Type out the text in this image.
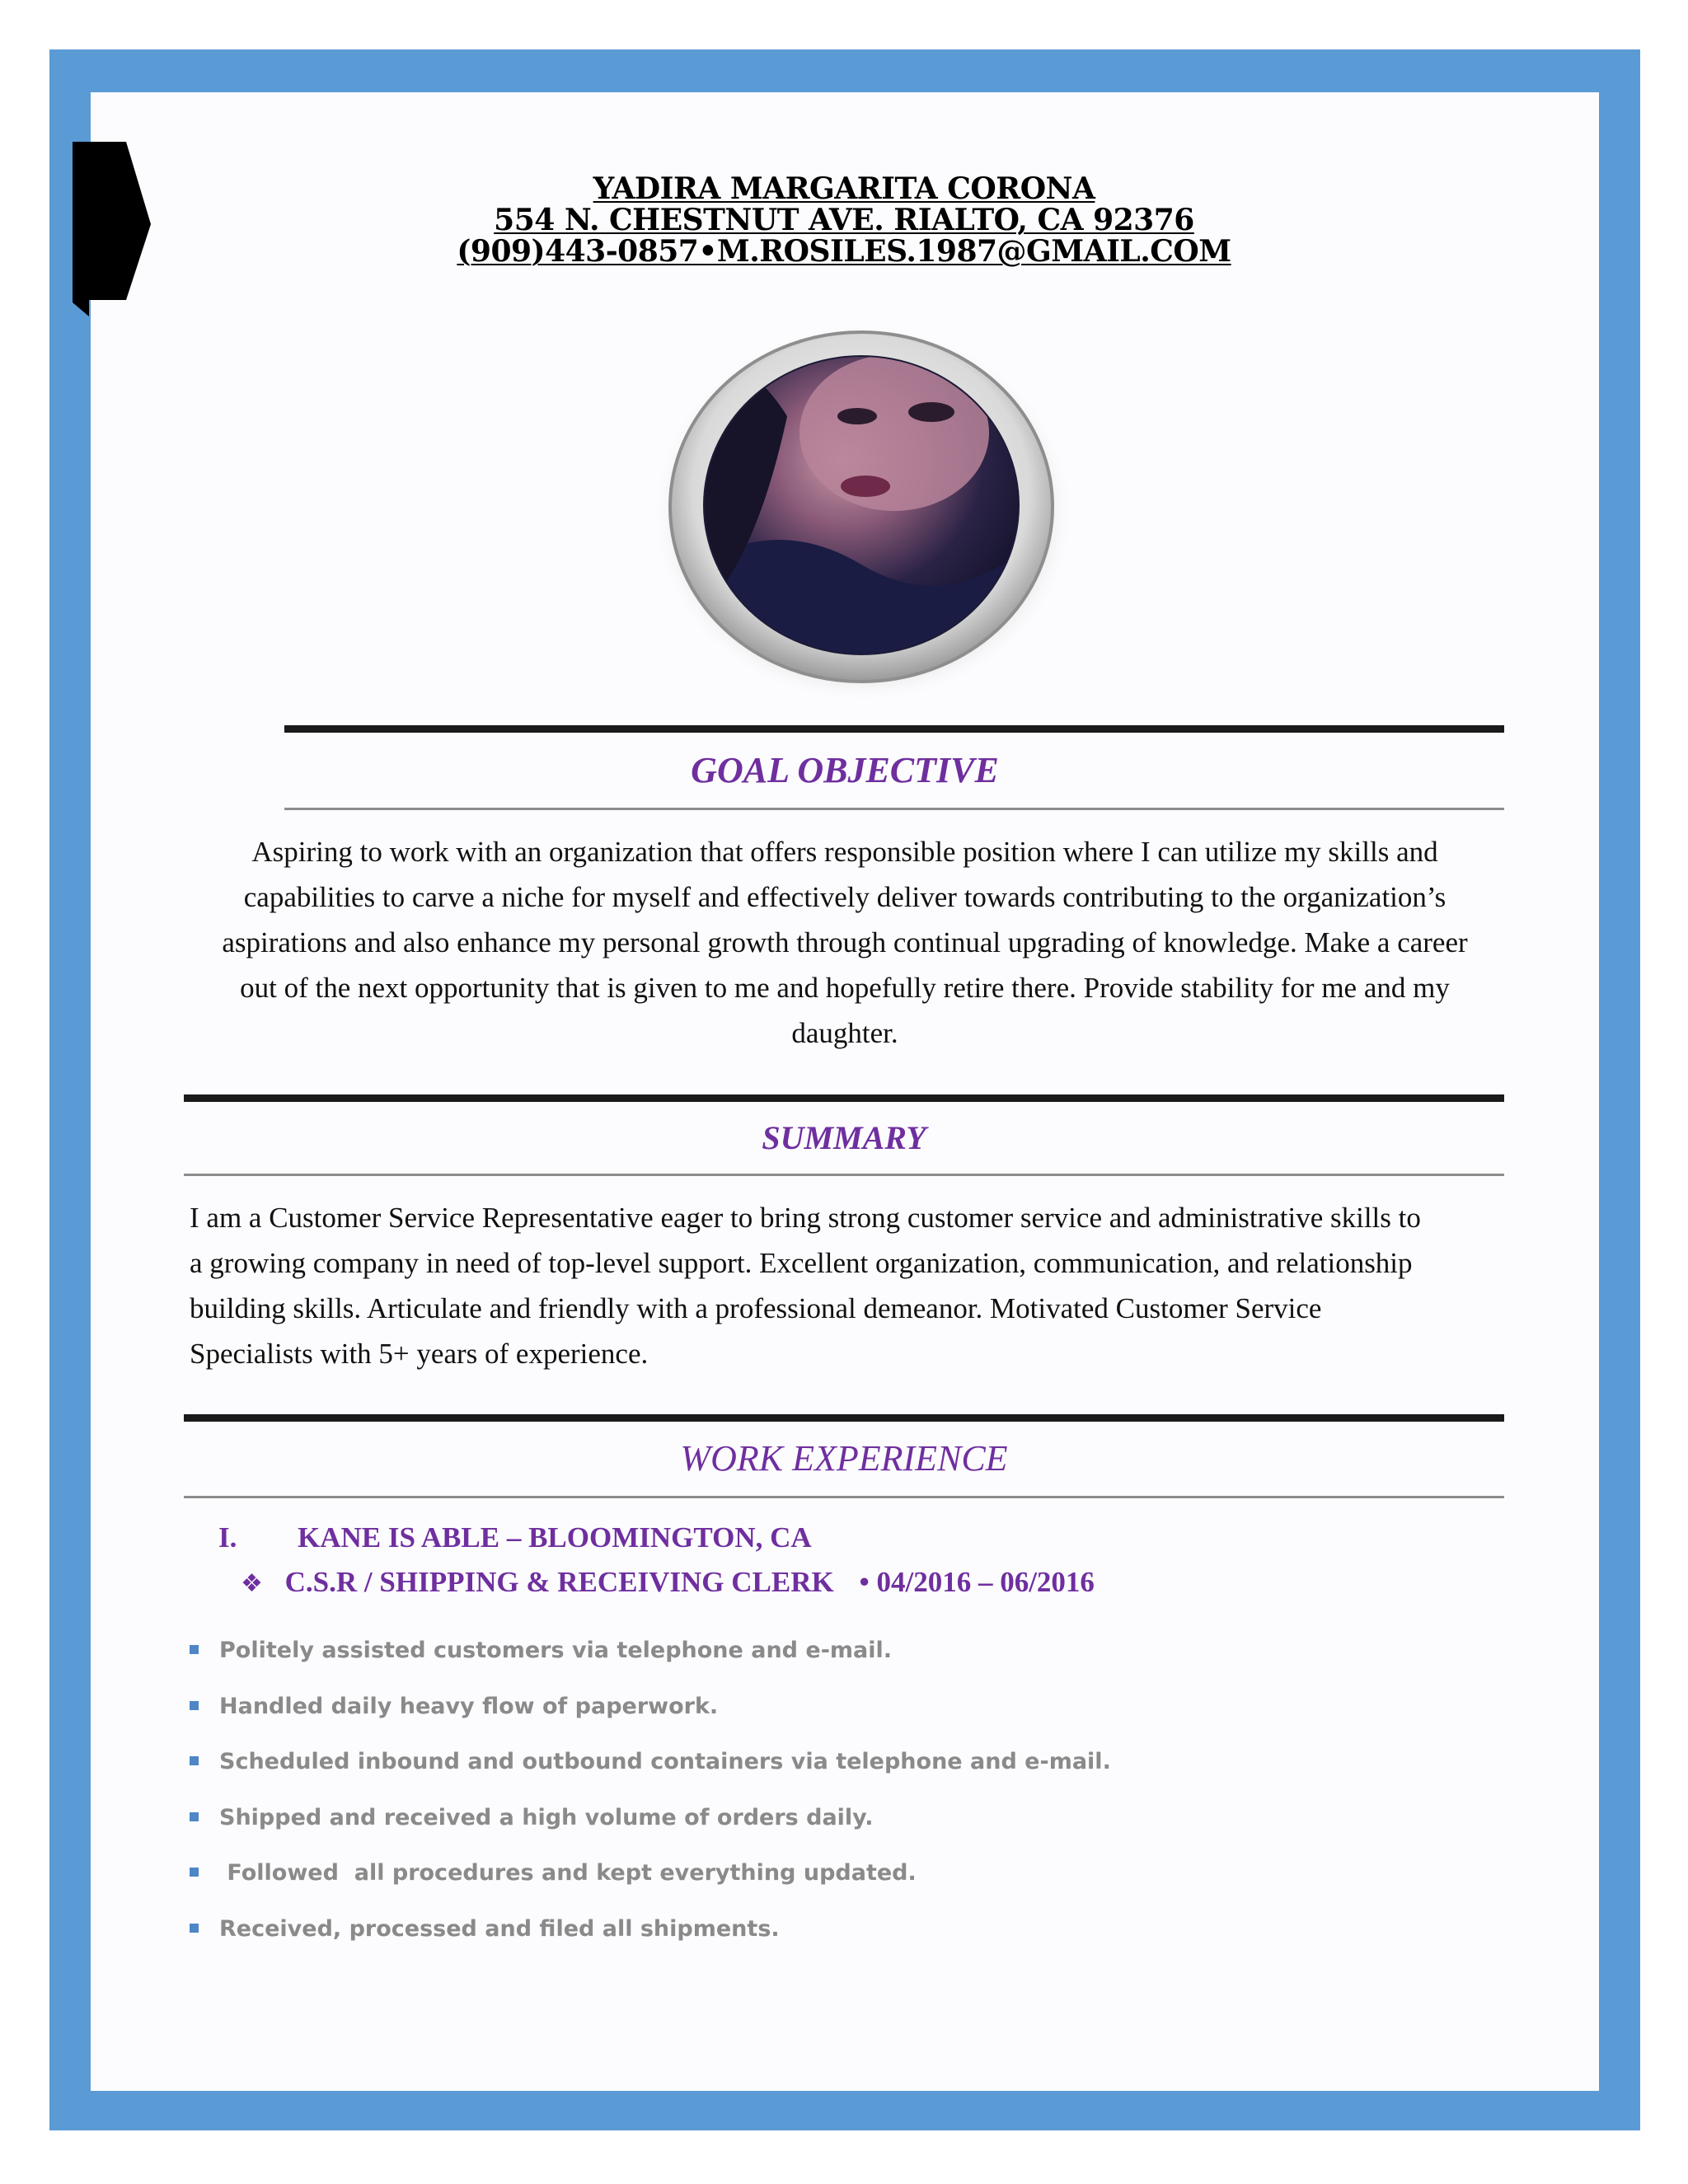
YADIRA MARGARITA CORONA
554 N. CHESTNUT AVE. RIALTO, CA 92376
(909)443-0857•M.ROSILES.1987@GMAIL.COM
GOAL OBJECTIVE
Aspiring to work with an organization that offers responsible position where I can utilize my skills and
capabilities to carve a niche for myself and effectively deliver towards contributing to the organization’s
aspirations and also enhance my personal growth through continual upgrading of knowledge. Make a career
out of the next opportunity that is given to me and hopefully retire there. Provide stability for me and my
daughter.
SUMMARY
I am a Customer Service Representative eager to bring strong customer service and administrative skills to
a growing company in need of top-level support. Excellent organization, communication, and relationship
building skills. Articulate and friendly with a professional demeanor. Motivated Customer Service
Specialists with 5+ years of experience.
WORK EXPERIENCE
I. KANE IS ABLE – BLOOMINGTON, CA
❖ C.S.R / SHIPPING & RECEIVING CLERK • 04/2016 – 06/2016
Politely assisted customers via telephone and e-mail.
Handled daily heavy flow of paperwork.
Scheduled inbound and outbound containers via telephone and e-mail.
Shipped and received a high volume of orders daily.
Followed  all procedures and kept everything updated.
Received, processed and filed all shipments.
